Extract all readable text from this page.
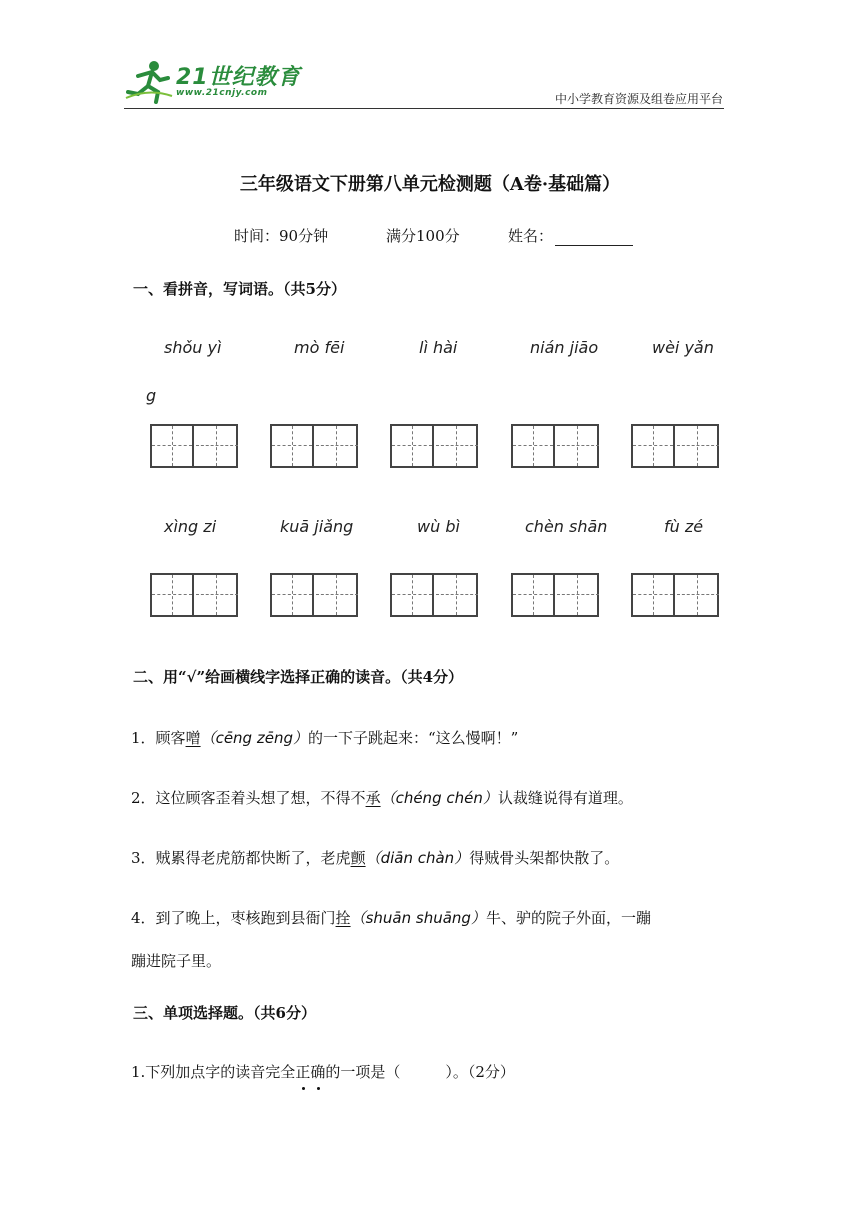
21世纪教育
www.21cnjy.com	中小学教育资源及组卷应用平台
三年级语文下册第八单元检测题（A卷·基础篇）
时间：90分钟	满分100分	姓名：
一、看拼音，写词语。（共5分）
shǒu yì	mò fēi	lì hài	nián jiāo	wèi yǎn
g
xìng zi	kuā jiǎng	wù bì	chèn shān	fù zé
二、用“√”给画横线字选择正确的读音。（共4分）
1．顾客噌（cēng zēng）的一下子跳起来：“这么慢啊！”
2．这位顾客歪着头想了想，不得不承（chéng chén）认裁缝说得有道理。
3．贼累得老虎筋都快断了，老虎颤（diān chàn）得贼骨头架都快散了。
4．到了晚上，枣核跑到县衙门拴（shuān shuāng）牛、驴的院子外面，一蹦
蹦进院子里。
三、单项选择题。（共6分）
1.下列加点字的读音完全正确的一项是（　　　）。（2分）
